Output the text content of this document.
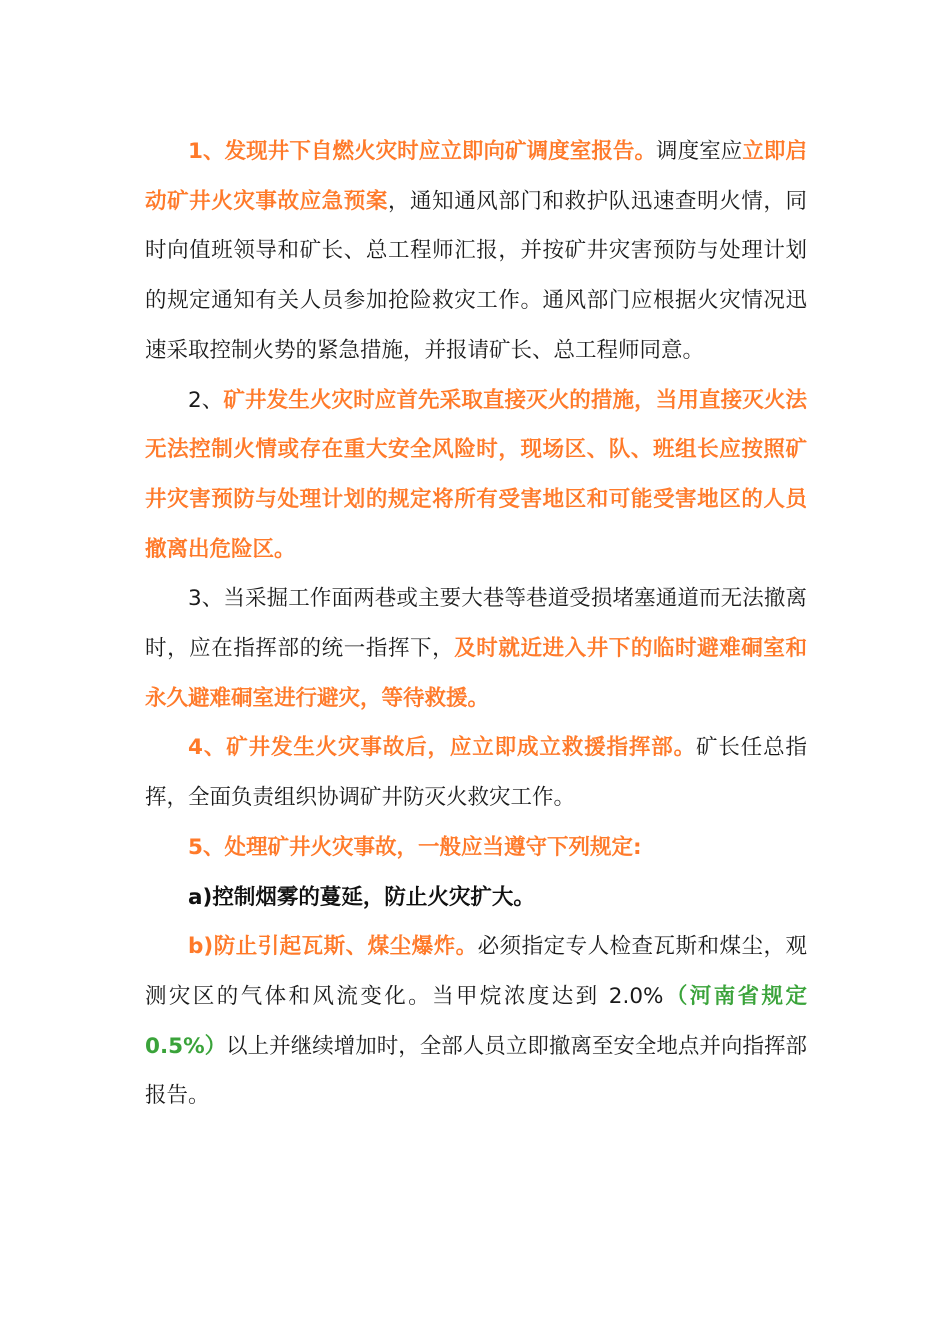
1、发现井下自燃火灾时应立即向矿调度室报告。调度室应立即启动矿井火灾事故应急预案，通知通风部门和救护队迅速查明火情，同时向值班领导和矿长、总工程师汇报，并按矿井灾害预防与处理计划的规定通知有关人员参加抢险救灾工作。通风部门应根据火灾情况迅速采取控制火势的紧急措施，并报请矿长、总工程师同意。

2、矿井发生火灾时应首先采取直接灭火的措施，当用直接灭火法无法控制火情或存在重大安全风险时，现场区、队、班组长应按照矿井灾害预防与处理计划的规定将所有受害地区和可能受害地区的人员撤离出危险区。

3、当采掘工作面两巷或主要大巷等巷道受损堵塞通道而无法撤离时，应在指挥部的统一指挥下，及时就近进入井下的临时避难硐室和永久避难硐室进行避灾，等待救援。

4、矿井发生火灾事故后，应立即成立救援指挥部。矿长任总指挥，全面负责组织协调矿井防灭火救灾工作。

5、处理矿井火灾事故，一般应当遵守下列规定:

a)控制烟雾的蔓延，防止火灾扩大。

b)防止引起瓦斯、煤尘爆炸。必须指定专人检查瓦斯和煤尘，观测灾区的气体和风流变化。当甲烷浓度达到 2.0%（河南省规定 0.5%）以上并继续增加时，全部人员立即撤离至安全地点并向指挥部报告。
